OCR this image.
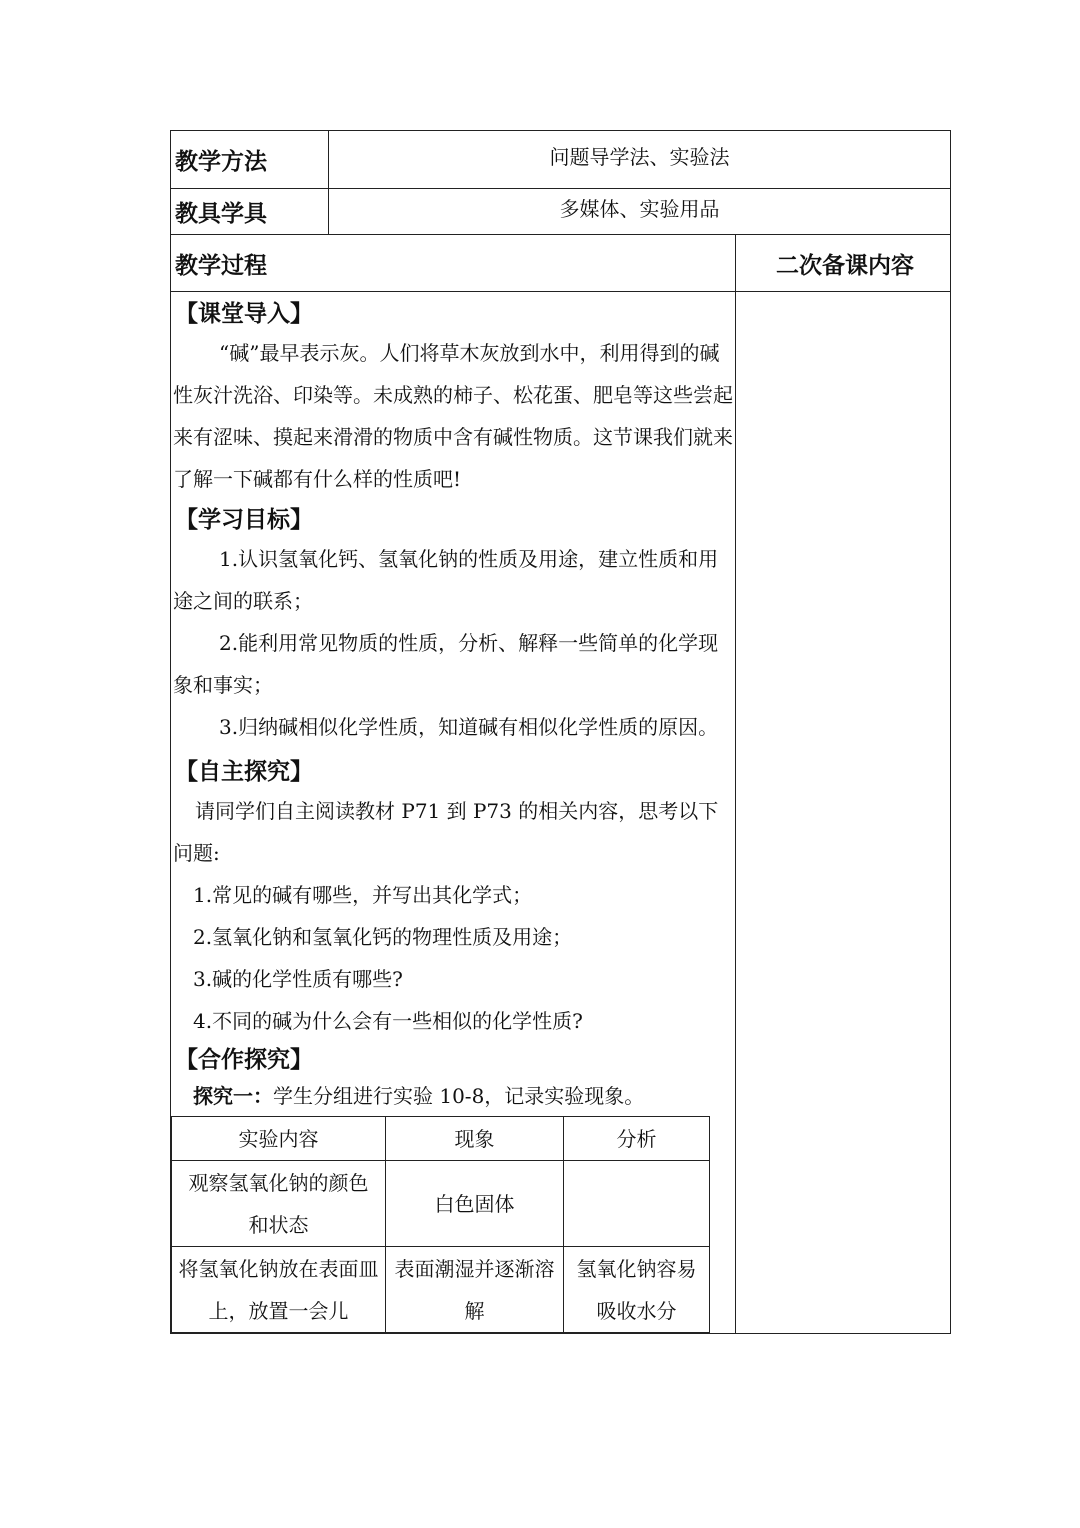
教学方法	问题导学法、实验法
教具学具	多媒体、实验用品
教学过程	二次备课内容

【课堂导入】

“碱”最早表示灰。人们将草木灰放到水中，利用得到的碱性灰汁洗浴、印染等。未成熟的柿子、松花蛋、肥皂等这些尝起来有涩味、摸起来滑滑的物质中含有碱性物质。这节课我们就来了解一下碱都有什么样的性质吧!

【学习目标】

1.认识氢氧化钙、氢氧化钠的性质及用途，建立性质和用途之间的联系；

2.能利用常见物质的性质，分析、解释一些简单的化学现象和事实；

3.归纳碱相似化学性质，知道碱有相似化学性质的原因。

【自主探究】

请同学们自主阅读教材 P71 到 P73 的相关内容，思考以下问题:

1.常见的碱有哪些，并写出其化学式；

2.氢氧化钠和氢氧化钙的物理性质及用途；

3.碱的化学性质有哪些?

4.不同的碱为什么会有一些相似的化学性质?

【合作探究】

探究一：学生分组进行实验 10-8，记录实验现象。

实验内容	现象	分析
观察氢氧化钠的颜色和状态	白色固体	
将氢氧化钠放在表面皿上，放置一会儿	表面潮湿并逐渐溶解	氢氧化钠容易吸收水分
